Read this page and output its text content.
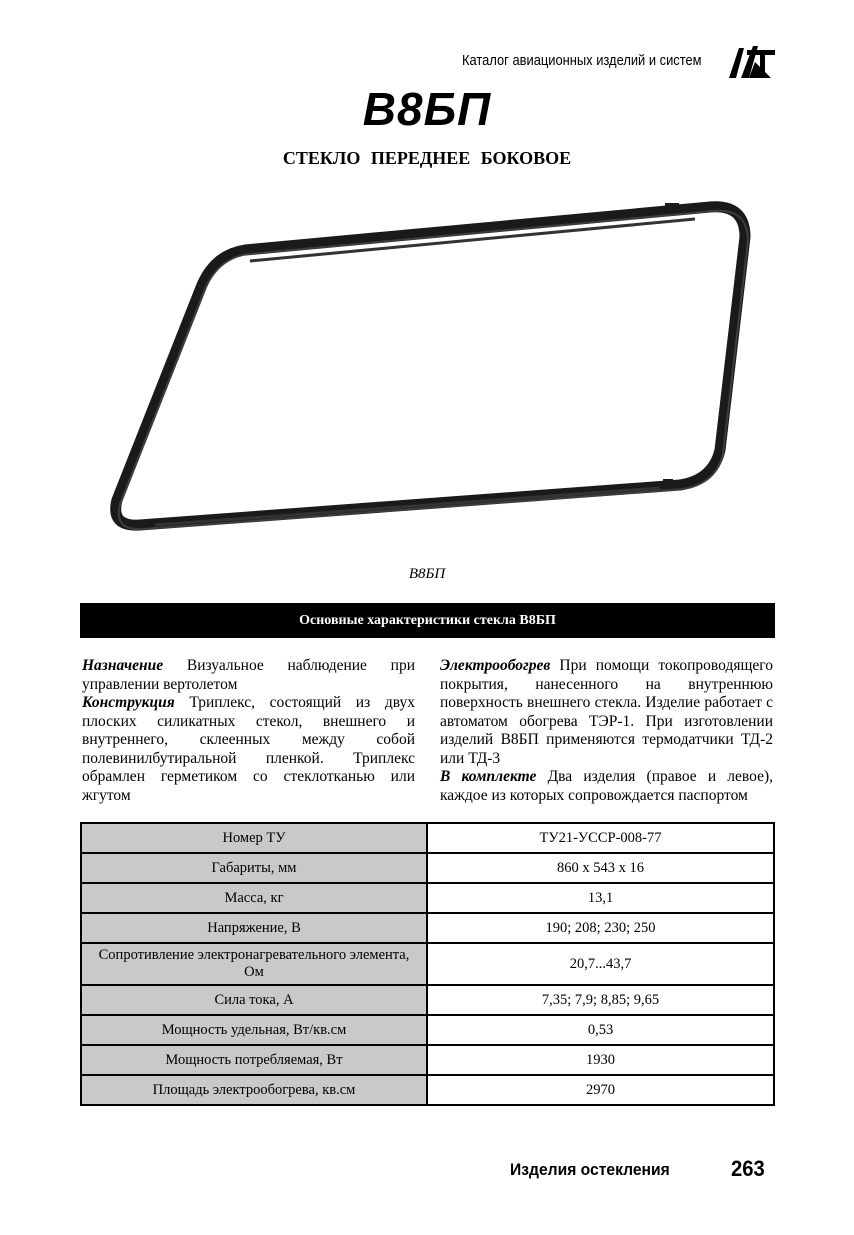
Каталог авиационных изделий и систем
В8БП
СТЕКЛО ПЕРЕДНЕЕ БОКОВОЕ
В8БП
Основные характеристики стекла В8БП

Назначение Визуальное наблюдение при управлении вертолетом

Конструкция Триплекс, состоящий из двух плоских силикатных стекол, внешнего и внутреннего, склеенных между собой полевинилбутиральной пленкой. Триплекс обрамлен герметиком со стеклотканью или жгутом

Электрообогрев При помощи токопроводящего покрытия, нанесенного на внутреннюю поверхность внешнего стекла. Изделие работает с автоматом обогрева ТЭР-1. При изготовлении изделий В8БП применяются термодатчики ТД-2 или ТД-3

В комплекте Два изделия (правое и левое), каждое из которых сопровождается паспортом

Номер ТУ	ТУ21-УССР-008-77
Габариты, мм	860 x 543 x 16
Масса, кг	13,1
Напряжение, В	190; 208; 230; 250
Сопротивление электронагревательного элемента, Ом	20,7...43,7
Сила тока, А	7,35; 7,9; 8,85; 9,65
Мощность удельная, Вт/кв.см	0,53
Мощность потребляемая, Вт	1930
Площадь электрообогрева, кв.см	2970
Изделия остекления	263
